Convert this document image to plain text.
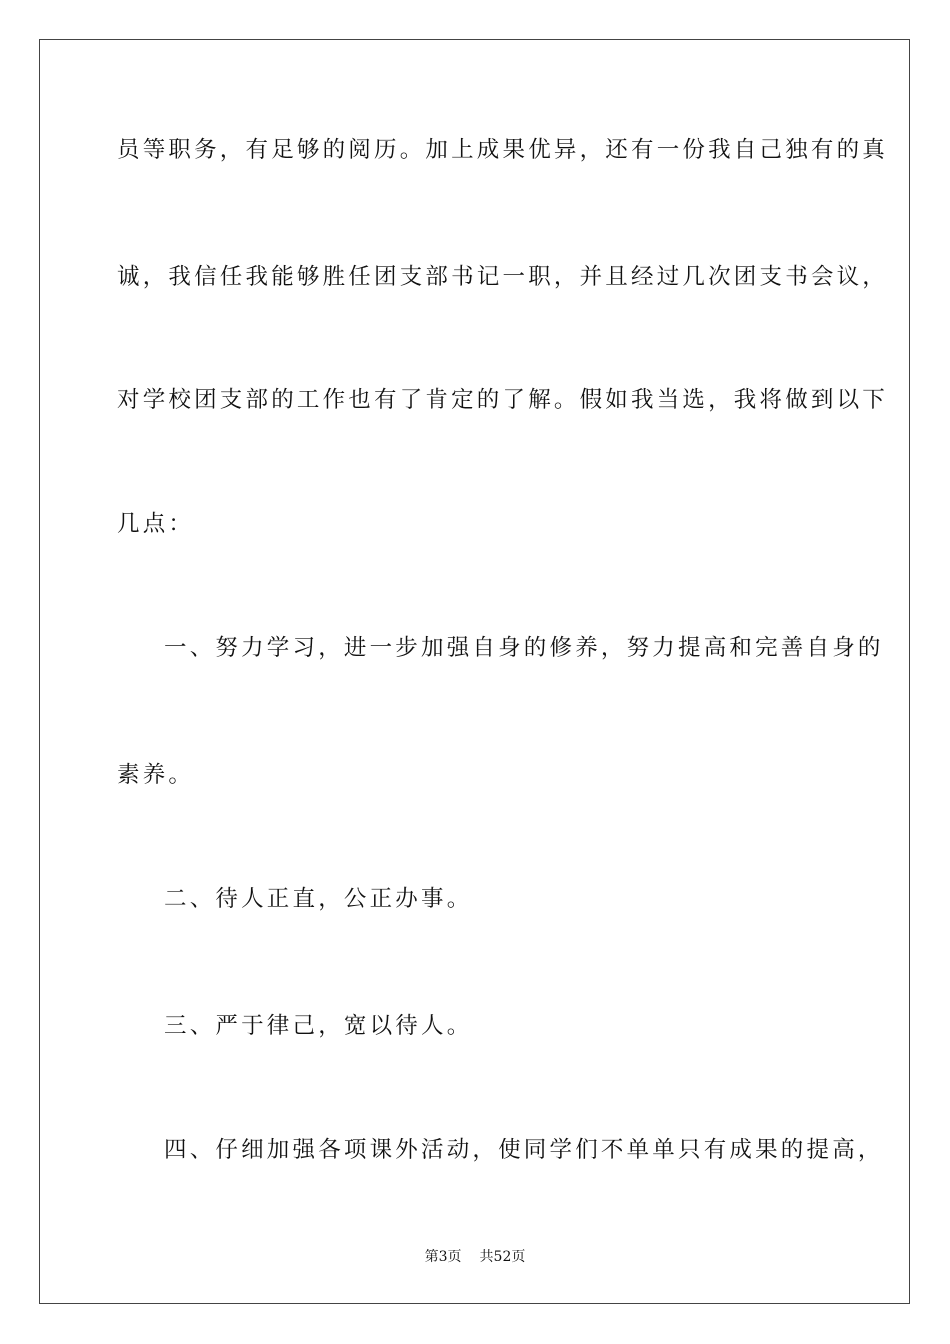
员等职务，有足够的阅历。加上成果优异，还有一份我自己独有的真

诚，我信任我能够胜任团支部书记一职，并且经过几次团支书会议，

对学校团支部的工作也有了肯定的了解。假如我当选，我将做到以下

几点：

一、努力学习，进一步加强自身的修养，努力提高和完善自身的

素养。

二、待人正直，公正办事。

三、严于律己，宽以待人。

四、仔细加强各项课外活动，使同学们不单单只有成果的提高，

第3页 共52页
